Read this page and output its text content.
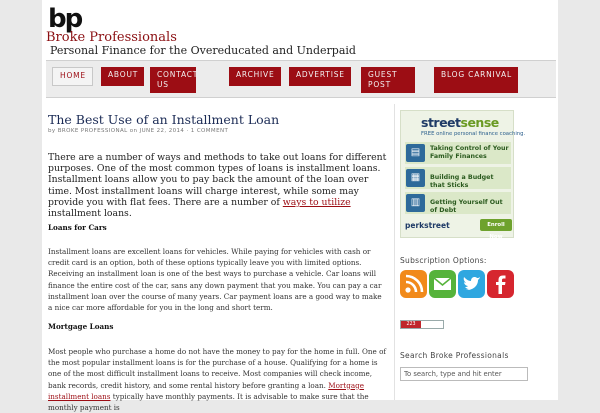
bp
Broke Professionals
Personal Finance for the Overeducated and Underpaid
HOME	ABOUT	CONTACT US
ARCHIVE	ADVERTISE	GUEST POST
BLOG CARNIVAL
The Best Use of an Installment Loan
by BROKE PROFESSIONAL on JUNE 22, 2014 · 1 COMMENT
There are a number of ways and methods to take out loans for different purposes. One of the most common types of loans is installment loans. Installment loans allow you to pay back the amount of the loan over time. Most installment loans will charge interest, while some may provide you with flat fees. There are a number of ways to utilize installment loans.
Loans for Cars
Installment loans are excellent loans for vehicles. While paying for vehicles with cash or credit card is an option, both of these options typically leave you with limited options. Receiving an installment loan is one of the best ways to purchase a vehicle. Car loans will finance the entire cost of the car, sans any down payment that you make. You can pay a car installment loan over the course of many years. Car payment loans are a good way to make a nice car more affordable for you in the long and short term.
Mortgage Loans
Most people who purchase a home do not have the money to pay for the home in full. One of the most popular installment loans is for the purchase of a house. Qualifying for a home is one of the most difficult installment loans to receive. Most companies will check income, bank records, credit history, and some rental history before granting a loan. Mortgage installment loans typically have monthly payments. It is advisable to make sure that the monthly payment is
streetsense
FREE online personal finance coaching.
▤	Taking Control of Your Family Finances
▦	Building a Budget that Sticks
▥	Getting Yourself Out of Debt
perkstreet	Enroll Now
Subscription Options:
223
Search Broke Professionals
To search, type and hit enter
